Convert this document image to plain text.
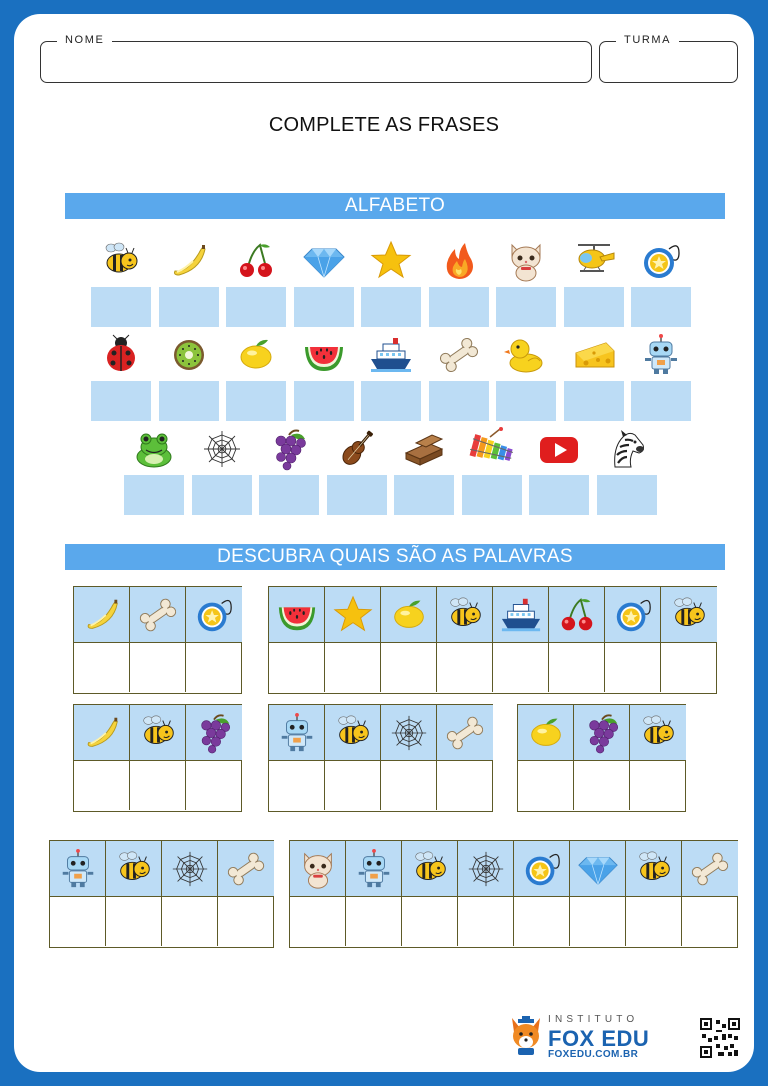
NOME	TURMA
COMPLETE AS FRASES
ALFABETO
DESCUBRA QUAIS SÃO AS PALAVRAS
INSTITUTO
FOX EDU
FOXEDU.COM.BR
